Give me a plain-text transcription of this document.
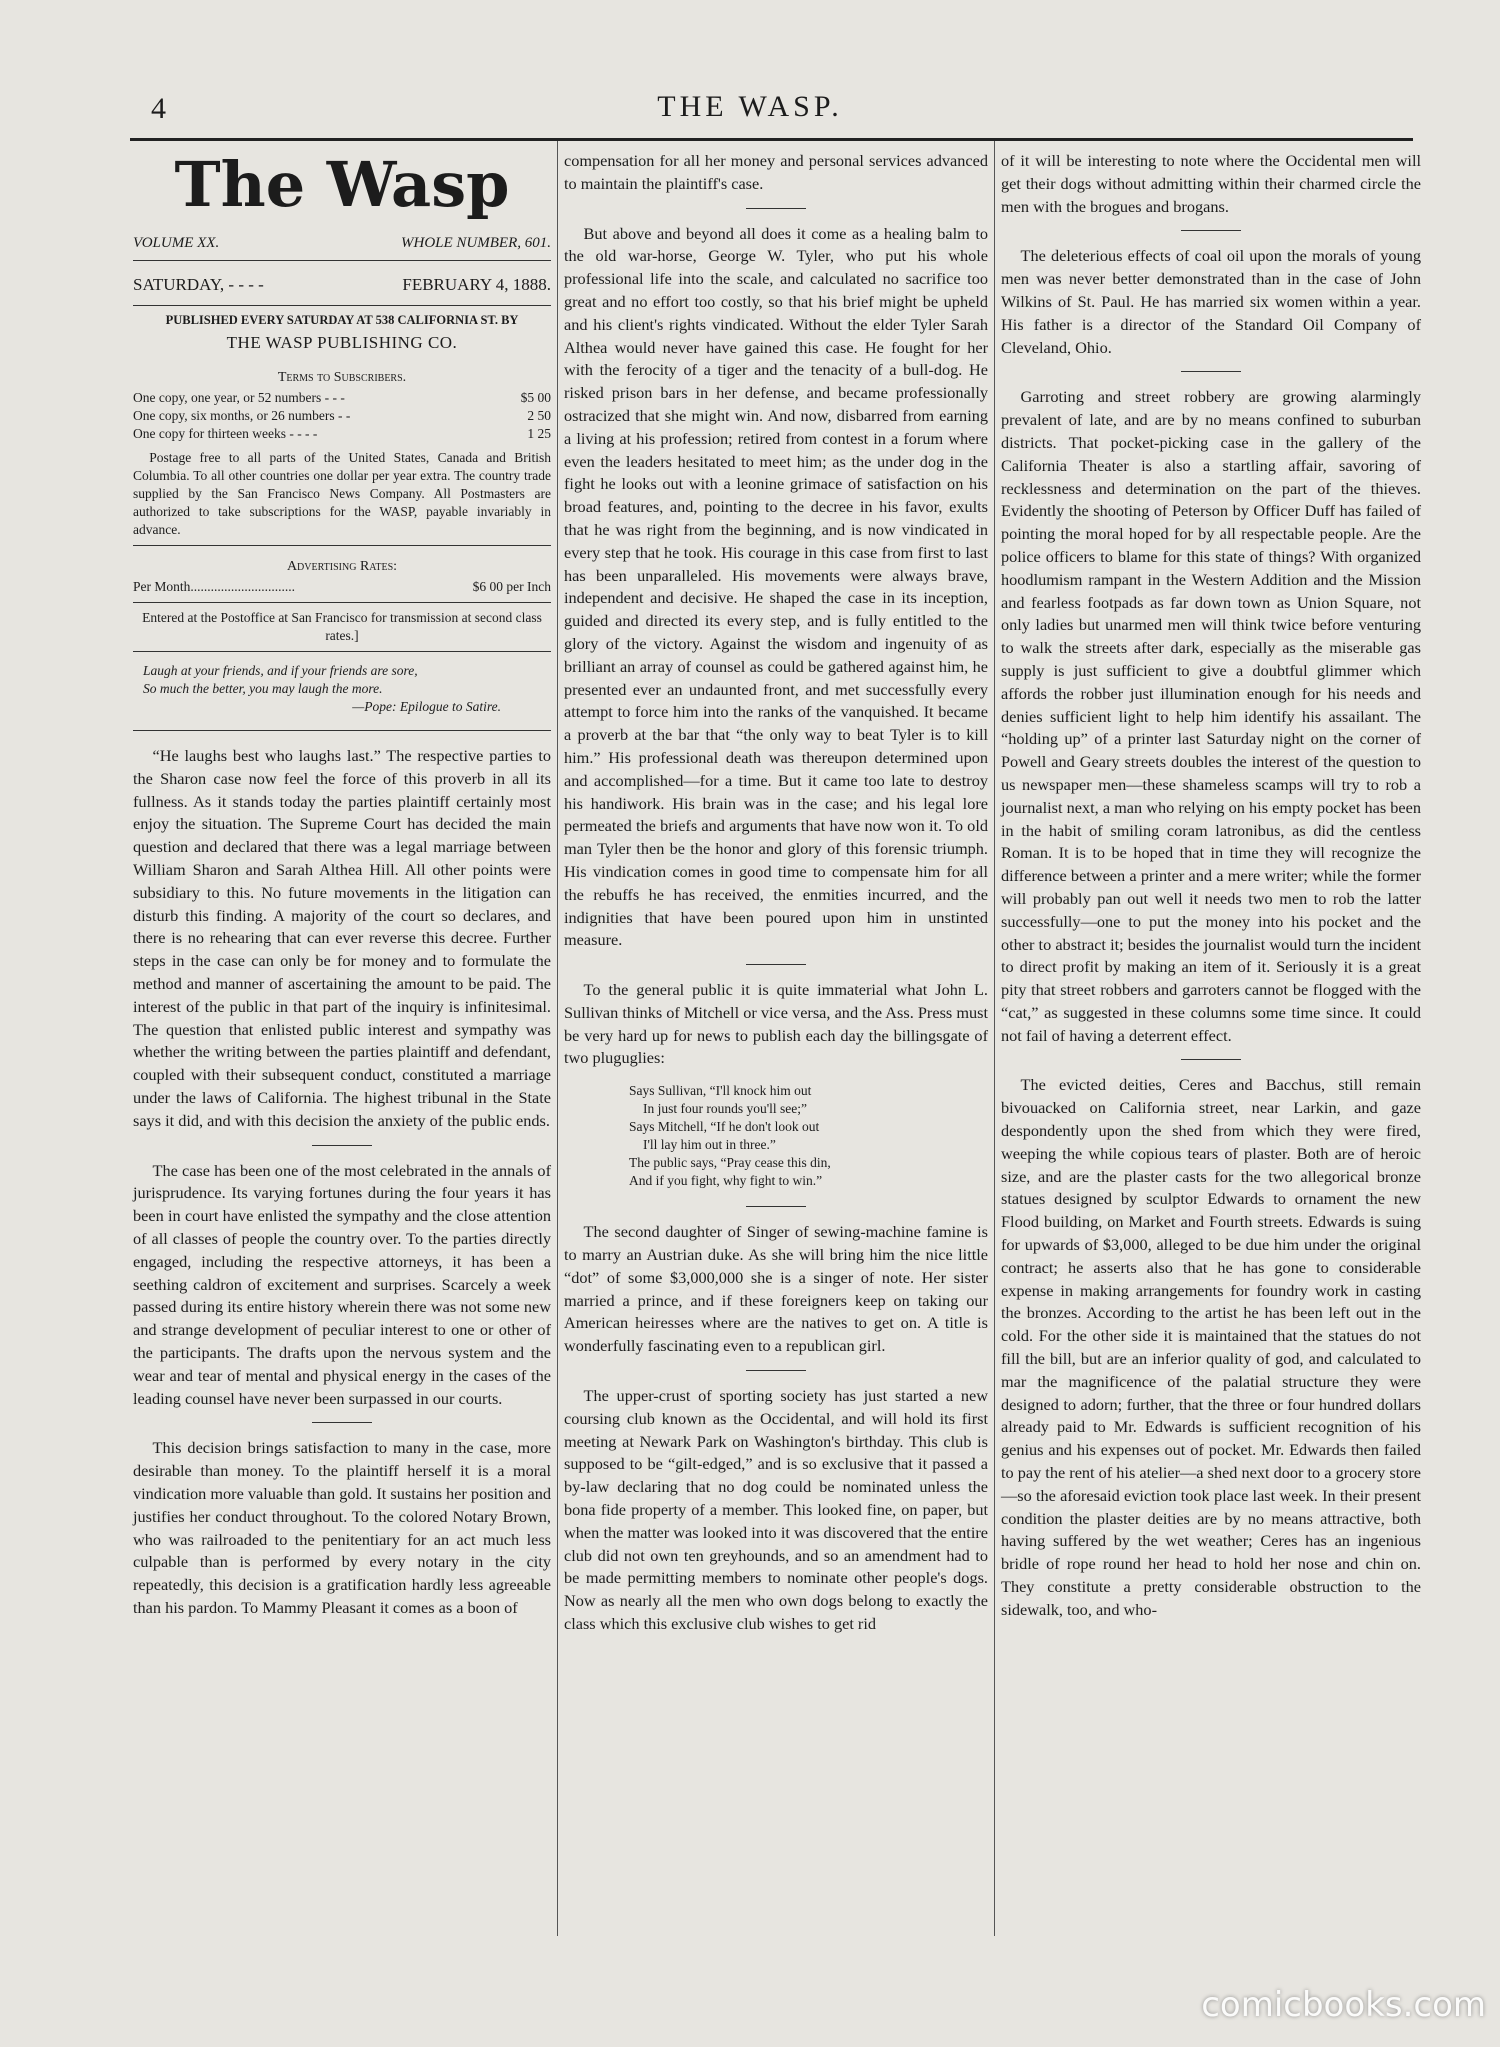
4	THE WASP.
The Wasp
VOLUME XX.	WHOLE NUMBER, 601.
SATURDAY, - - - -	FEBRUARY 4, 1888.
PUBLISHED EVERY SATURDAY AT 538 CALIFORNIA ST. BY
THE WASP PUBLISHING CO.
Terms to Subscribers.
One copy, one year, or 52 numbers - - -	$5 00
One copy, six months, or 26 numbers - -	2 50
One copy for thirteen weeks - - - -	1 25
Postage free to all parts of the United States, Canada and British Columbia. To all other countries one dollar per year extra. The country trade supplied by the San Francisco News Company. All Postmasters are authorized to take subscriptions for the WASP, payable invariably in advance.
Advertising Rates:
Per Month...............................	$6 00 per Inch
Entered at the Postoffice at San Francisco for transmission at second class rates.]
Laugh at your friends, and if your friends are sore,
So much the better, you may laugh the more.
—Pope: Epilogue to Satire.

“He laughs best who laughs last.” The respective parties to the Sharon case now feel the force of this proverb in all its fullness. As it stands today the parties plaintiff certainly most enjoy the situation. The Supreme Court has decided the main question and declared that there was a legal marriage between William Sharon and Sarah Althea Hill. All other points were subsidiary to this. No future movements in the litigation can disturb this finding. A majority of the court so declares, and there is no rehearing that can ever reverse this decree. Further steps in the case can only be for money and to formulate the method and manner of ascertaining the amount to be paid. The interest of the public in that part of the inquiry is infinitesimal. The question that enlisted public interest and sympathy was whether the writing between the parties plaintiff and defendant, coupled with their subsequent conduct, constituted a marriage under the laws of California. The highest tribunal in the State says it did, and with this decision the anxiety of the public ends.

The case has been one of the most celebrated in the annals of jurisprudence. Its varying fortunes during the four years it has been in court have enlisted the sympathy and the close attention of all classes of people the country over. To the parties directly engaged, including the respective attorneys, it has been a seething caldron of excitement and surprises. Scarcely a week passed during its entire history wherein there was not some new and strange development of peculiar interest to one or other of the participants. The drafts upon the nervous system and the wear and tear of mental and physical energy in the cases of the leading counsel have never been surpassed in our courts.

This decision brings satisfaction to many in the case, more desirable than money. To the plaintiff herself it is a moral vindication more valuable than gold. It sustains her position and justifies her conduct throughout. To the colored Notary Brown, who was railroaded to the penitentiary for an act much less culpable than is performed by every notary in the city repeatedly, this decision is a gratification hardly less agreeable than his pardon. To Mammy Pleasant it comes as a boon of

compensation for all her money and personal services advanced to maintain the plaintiff's case.

But above and beyond all does it come as a healing balm to the old war-horse, George W. Tyler, who put his whole professional life into the scale, and calculated no sacrifice too great and no effort too costly, so that his brief might be upheld and his client's rights vindicated. Without the elder Tyler Sarah Althea would never have gained this case. He fought for her with the ferocity of a tiger and the tenacity of a bull-dog. He risked prison bars in her defense, and became professionally ostracized that she might win. And now, disbarred from earning a living at his profession; retired from contest in a forum where even the leaders hesitated to meet him; as the under dog in the fight he looks out with a leonine grimace of satisfaction on his broad features, and, pointing to the decree in his favor, exults that he was right from the beginning, and is now vindicated in every step that he took. His courage in this case from first to last has been unparalleled. His movements were always brave, independent and decisive. He shaped the case in its inception, guided and directed its every step, and is fully entitled to the glory of the victory. Against the wisdom and ingenuity of as brilliant an array of counsel as could be gathered against him, he presented ever an undaunted front, and met successfully every attempt to force him into the ranks of the vanquished. It became a proverb at the bar that “the only way to beat Tyler is to kill him.” His professional death was thereupon determined upon and accomplished—for a time. But it came too late to destroy his handiwork. His brain was in the case; and his legal lore permeated the briefs and arguments that have now won it. To old man Tyler then be the honor and glory of this forensic triumph. His vindication comes in good time to compensate him for all the rebuffs he has received, the enmities incurred, and the indignities that have been poured upon him in unstinted measure.

To the general public it is quite immaterial what John L. Sullivan thinks of Mitchell or vice versa, and the Ass. Press must be very hard up for news to publish each day the billingsgate of two pluguglies:

Says Sullivan, “I'll knock him out
In just four rounds you'll see;”
Says Mitchell, “If he don't look out
I'll lay him out in three.”
The public says, “Pray cease this din,
And if you fight, why fight to win.”

The second daughter of Singer of sewing-machine famine is to marry an Austrian duke. As she will bring him the nice little “dot” of some $3,000,000 she is a singer of note. Her sister married a prince, and if these foreigners keep on taking our American heiresses where are the natives to get on. A title is wonderfully fascinating even to a republican girl.

The upper-crust of sporting society has just started a new coursing club known as the Occidental, and will hold its first meeting at Newark Park on Washington's birthday. This club is supposed to be “gilt-edged,” and is so exclusive that it passed a by-law declaring that no dog could be nominated unless the bona fide property of a member. This looked fine, on paper, but when the matter was looked into it was discovered that the entire club did not own ten greyhounds, and so an amendment had to be made permitting members to nominate other people's dogs. Now as nearly all the men who own dogs belong to exactly the class which this exclusive club wishes to get rid

of it will be interesting to note where the Occidental men will get their dogs without admitting within their charmed circle the men with the brogues and brogans.

The deleterious effects of coal oil upon the morals of young men was never better demonstrated than in the case of John Wilkins of St. Paul. He has married six women within a year. His father is a director of the Standard Oil Company of Cleveland, Ohio.

Garroting and street robbery are growing alarmingly prevalent of late, and are by no means confined to suburban districts. That pocket-picking case in the gallery of the California Theater is also a startling affair, savoring of recklessness and determination on the part of the thieves. Evidently the shooting of Peterson by Officer Duff has failed of pointing the moral hoped for by all respectable people. Are the police officers to blame for this state of things? With organized hoodlumism rampant in the Western Addition and the Mission and fearless footpads as far down town as Union Square, not only ladies but unarmed men will think twice before venturing to walk the streets after dark, especially as the miserable gas supply is just sufficient to give a doubtful glimmer which affords the robber just illumination enough for his needs and denies sufficient light to help him identify his assailant. The “holding up” of a printer last Saturday night on the corner of Powell and Geary streets doubles the interest of the question to us newspaper men—these shameless scamps will try to rob a journalist next, a man who relying on his empty pocket has been in the habit of smiling coram latronibus, as did the centless Roman. It is to be hoped that in time they will recognize the difference between a printer and a mere writer; while the former will probably pan out well it needs two men to rob the latter successfully—one to put the money into his pocket and the other to abstract it; besides the journalist would turn the incident to direct profit by making an item of it. Seriously it is a great pity that street robbers and garroters cannot be flogged with the “cat,” as suggested in these columns some time since. It could not fail of having a deterrent effect.

The evicted deities, Ceres and Bacchus, still remain bivouacked on California street, near Larkin, and gaze despondently upon the shed from which they were fired, weeping the while copious tears of plaster. Both are of heroic size, and are the plaster casts for the two allegorical bronze statues designed by sculptor Edwards to ornament the new Flood building, on Market and Fourth streets. Edwards is suing for upwards of $3,000, alleged to be due him under the original contract; he asserts also that he has gone to considerable expense in making arrangements for foundry work in casting the bronzes. According to the artist he has been left out in the cold. For the other side it is maintained that the statues do not fill the bill, but are an inferior quality of god, and calculated to mar the magnificence of the palatial structure they were designed to adorn; further, that the three or four hundred dollars already paid to Mr. Edwards is sufficient recognition of his genius and his expenses out of pocket. Mr. Edwards then failed to pay the rent of his atelier—a shed next door to a grocery store—so the aforesaid eviction took place last week. In their present condition the plaster deities are by no means attractive, both having suffered by the wet weather; Ceres has an ingenious bridle of rope round her head to hold her nose and chin on. They constitute a pretty considerable obstruction to the sidewalk, too, and who-

comicbooks.com
